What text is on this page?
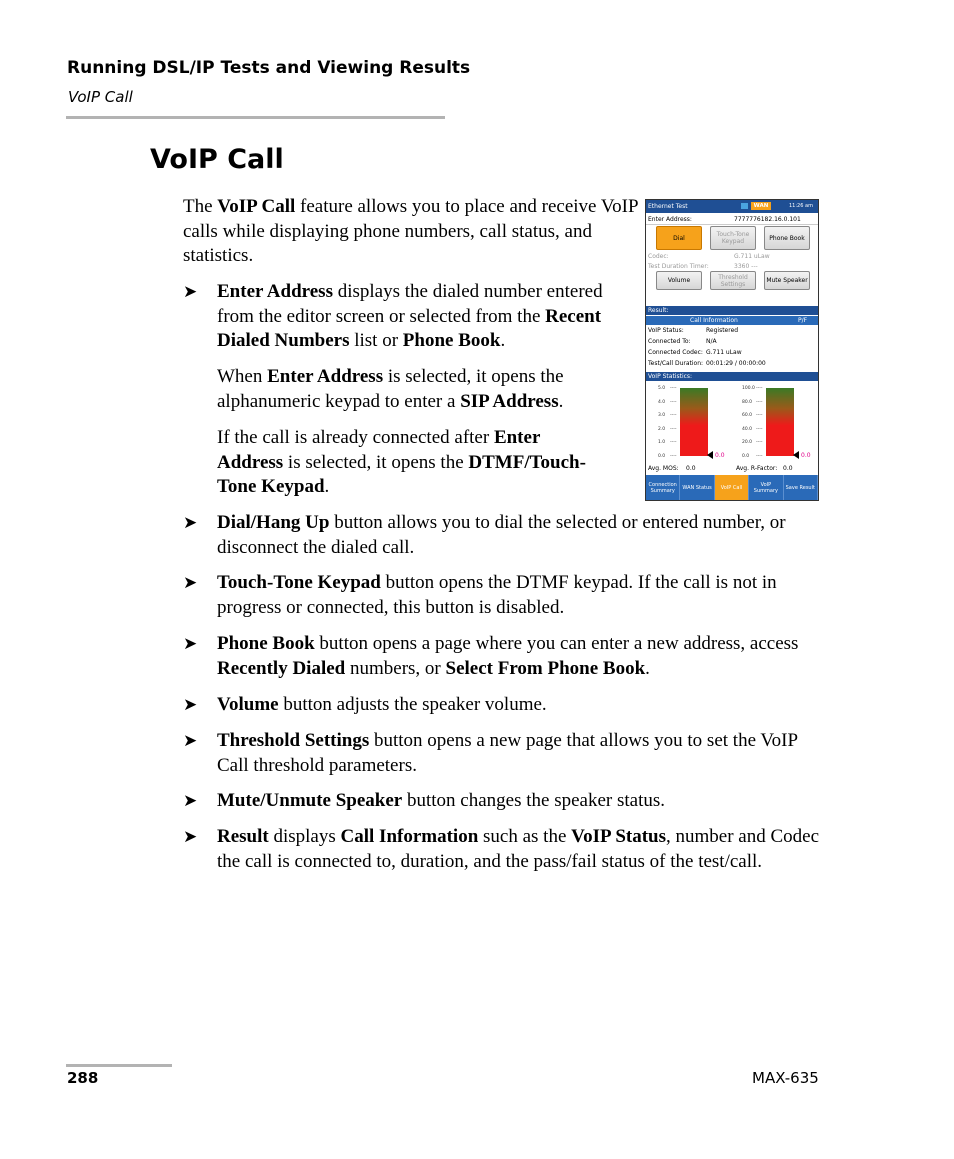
Running DSL/IP Tests and Viewing Results
VoIP Call
VoIP Call

The VoIP Call feature allows you to place and receive VoIP calls while displaying phone numbers, call status, and statistics.

➤	Enter Address displays the dialed number entered from the editor screen or selected from the Recent Dialed Numbers list or Phone Book.

When Enter Address is selected, it opens the alphanumeric keypad to enter a SIP Address.

If the call is already connected after Enter Address is selected, it opens the DTMF/Touch-Tone Keypad.

➤	Dial/Hang Up button allows you to dial the selected or entered number, or disconnect the dialed call.
➤	Touch-Tone Keypad button opens the DTMF keypad. If the call is not in progress or connected, this button is disabled.
➤	Phone Book button opens a page where you can enter a new address, access Recently Dialed numbers, or Select From Phone Book.
➤	Volume button adjusts the speaker volume.
➤	Threshold Settings button opens a new page that allows you to set the VoIP Call threshold parameters.
➤	Mute/Unmute Speaker button changes the speaker status.
➤	Result displays Call Information such as the VoIP Status, number and Codec the call is connected to, duration, and the pass/fail status of the test/call.
Ethernet Test	WAN	11:26 am
Enter Address:	7777776182.16.0.101
Dial	Touch-Tone Keypad	Phone Book
Codec:	G.711 uLaw
Test Duration Timer:	3360 ---
Volume	Threshold Settings	Mute Speaker
Result:
Call Information	P/F
VoIP Status:	Registered
Connected To:	N/A
Connected Codec: G.711 uLaw
Test/Call Duration: 00:01:29 / 00:00:00
VoIP Statistics:
5.0 ----
4.0 ----
3.0 ----
2.0 ----
1.0 ----
0.0 ----	0.0
100.0 ----
80.0 ----
60.0 ----
40.0 ----
20.0 ----
0.0 ----	0.0
Avg. MOS: 0.0	Avg. R-Factor: 0.0
Connection Summary	WAN Status	VoIP Call	VoIP Summary	Save Result
288	MAX-635
